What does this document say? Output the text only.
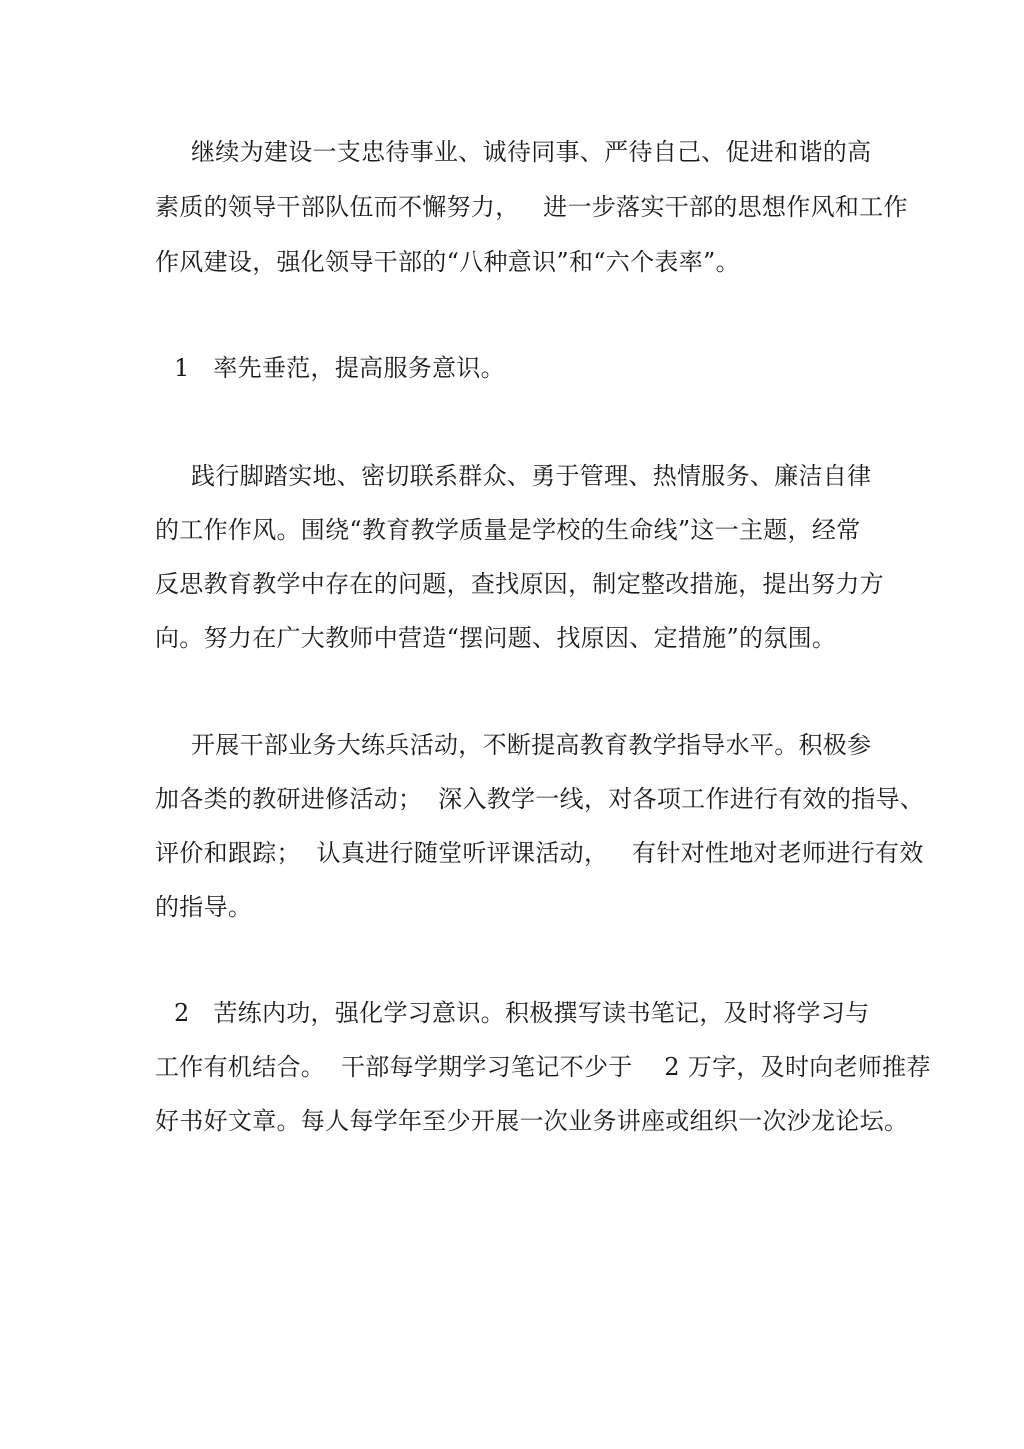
继续为建设一支忠待事业、诚待同事、严待自己、促进和谐的高

素质的领导干部队伍而不懈努力，   进一步落实干部的思想作风和工作

作风建设，强化领导干部的“八种意识”和“六个表率”。

1   率先垂范，提高服务意识。

践行脚踏实地、密切联系群众、勇于管理、热情服务、廉洁自律

的工作作风。围绕“教育教学质量是学校的生命线”这一主题，经常

反思教育教学中存在的问题，查找原因，制定整改措施，提出努力方

向。努力在广大教师中营造“摆问题、找原因、定措施”的氛围。

开展干部业务大练兵活动，不断提高教育教学指导水平。积极参

加各类的教研进修活动；  深入教学一线，对各项工作进行有效的指导、

评价和跟踪；  认真进行随堂听评课活动，   有针对性地对老师进行有效

的指导。

2   苦练内功，强化学习意识。积极撰写读书笔记，及时将学习与

工作有机结合。  干部每学期学习笔记不少于    2 万字，及时向老师推荐

好书好文章。每人每学年至少开展一次业务讲座或组织一次沙龙论坛。
